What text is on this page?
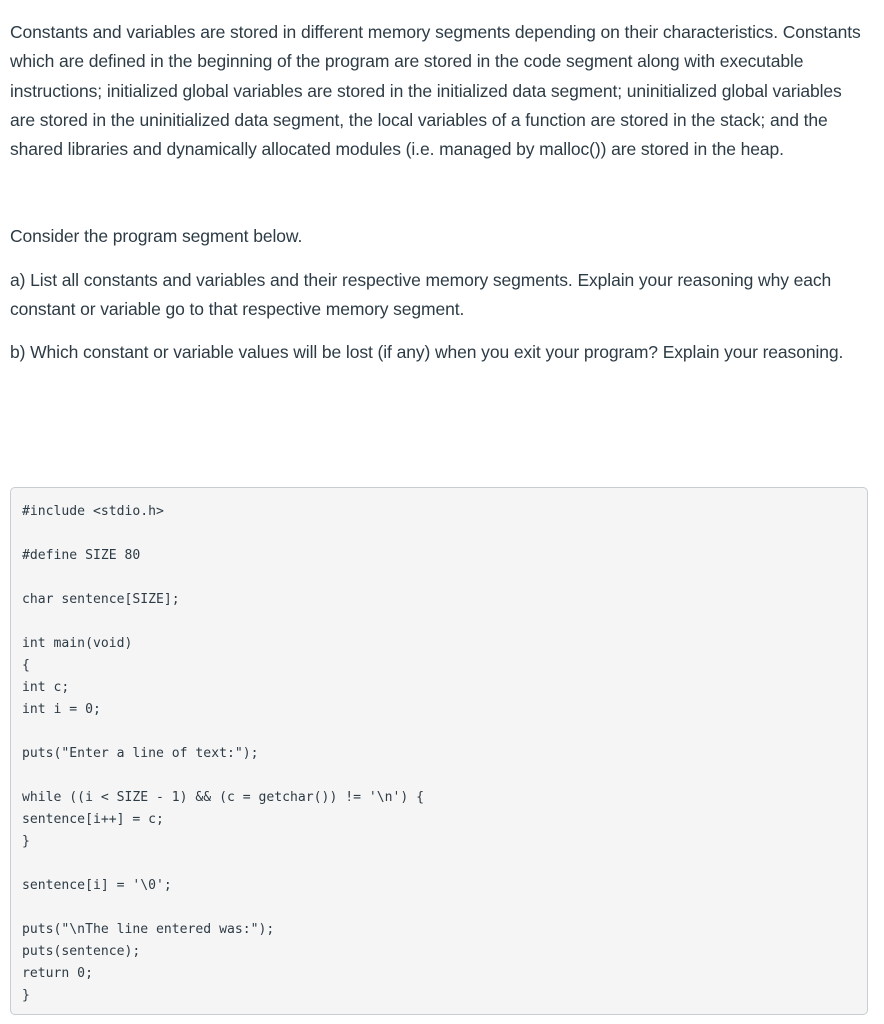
Constants and variables are stored in different memory segments depending on their characteristics. Constants which are defined in the beginning of the program are stored in the code segment along with executable instructions; initialized global variables are stored in the initialized data segment; uninitialized global variables are stored in the uninitialized data segment, the local variables of a function are stored in the stack; and the shared libraries and dynamically allocated modules (i.e. managed by malloc()) are stored in the heap.

Consider the program segment below.

a) List all constants and variables and their respective memory segments. Explain your reasoning why each constant or variable go to that respective memory segment.

b) Which constant or variable values will be lost (if any) when you exit your program? Explain your reasoning.

#include <stdio.h>
#define SIZE 80
char sentence[SIZE];
int main(void)
{
int c;
int i = 0;
puts("Enter a line of text:");
while ((i < SIZE - 1) && (c = getchar()) != '\n') {
sentence[i++] = c;
}
sentence[i] = '\0';
puts("\nThe line entered was:");
puts(sentence);
return 0;
}
